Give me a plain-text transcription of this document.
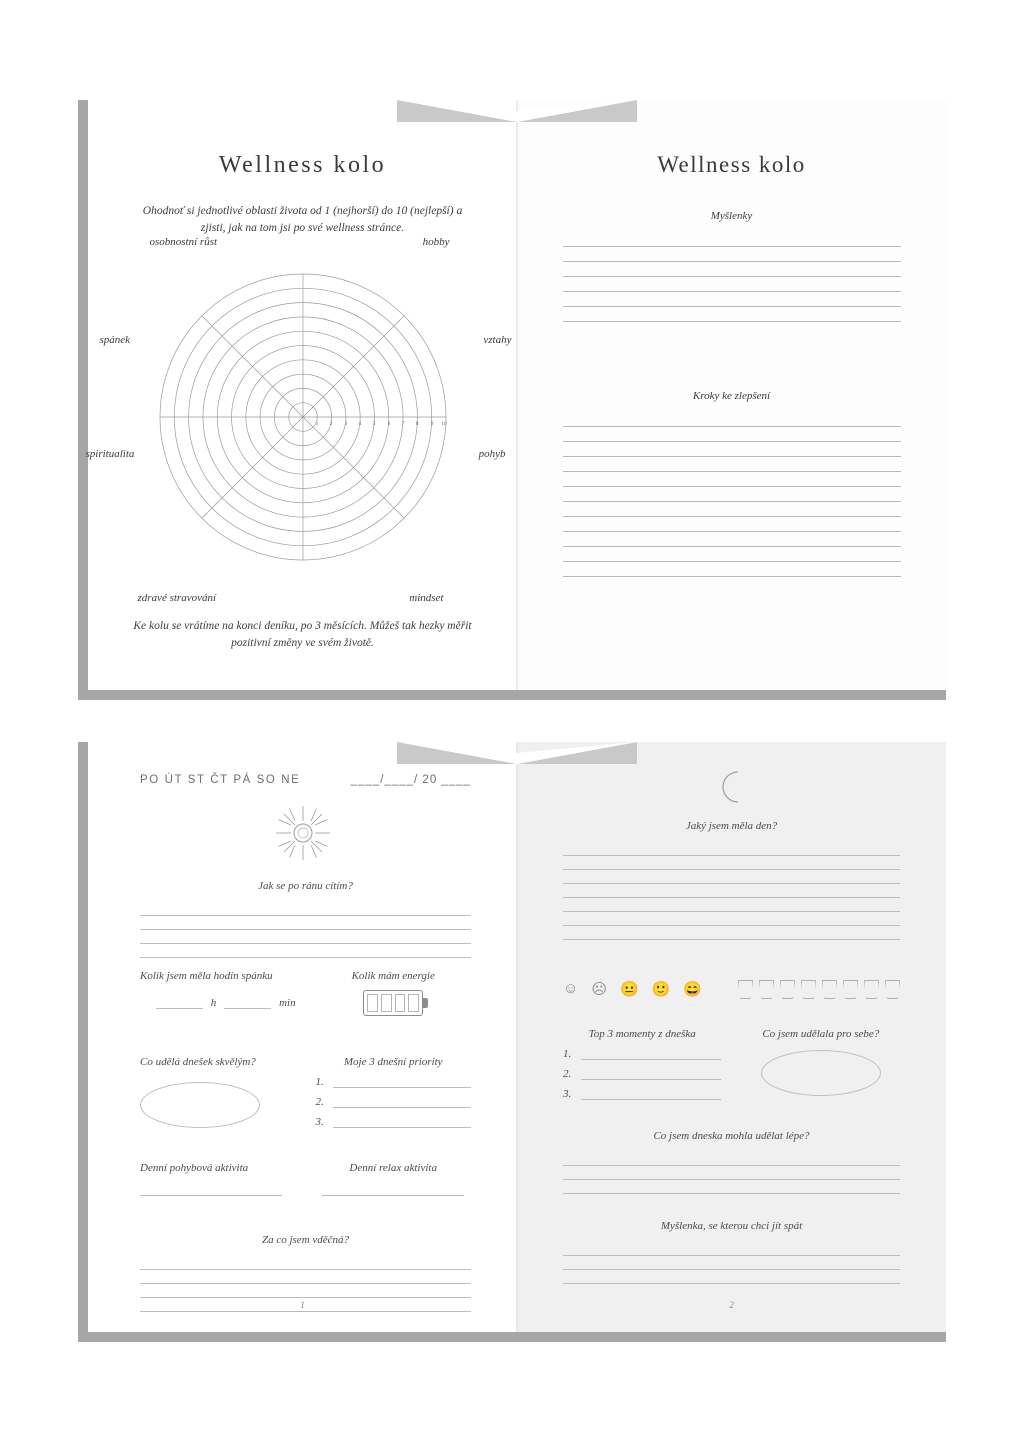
Wellness kolo
Ohodnoť si jednotlivé oblasti života od 1 (nejhorší) do 10 (nejlepší) a zjisti, jak na tom jsi po své wellness stránce.
1 2 3 4 5 6 7 8 9 10
osobnostní růst	hobby
vztahy
pohyb
mindset
zdravé stravování
spiritualita
spánek
Ke kolu se vrátíme na konci deníku, po 3 měsících. Můžeš tak hezky měřit pozitivní změny ve svém životě.
Wellness kolo
Myšlenky
Kroky ke zlepšení
PO ÚT ST ČT PÁ SO NE	____/____/ 20 ____
Jak se po ránu cítím?
Kolik jsem měla hodin spánku
h	min
Kolik mám energie
Co udělá dnešek skvělým?	Moje 3 dnešní priority
1.
2.
3.
Denní pohybová aktivita	Denní relax aktivita
Za co jsem vděčná?
1
Jaký jsem měla den?
☺ ☹ 😐 🙂 😄
Top 3 momenty z dneška
1.
2.
3.
Co jsem udělala pro sebe?
Co jsem dneska mohla udělat lépe?
Myšlenka, se kterou chci jít spát
2
